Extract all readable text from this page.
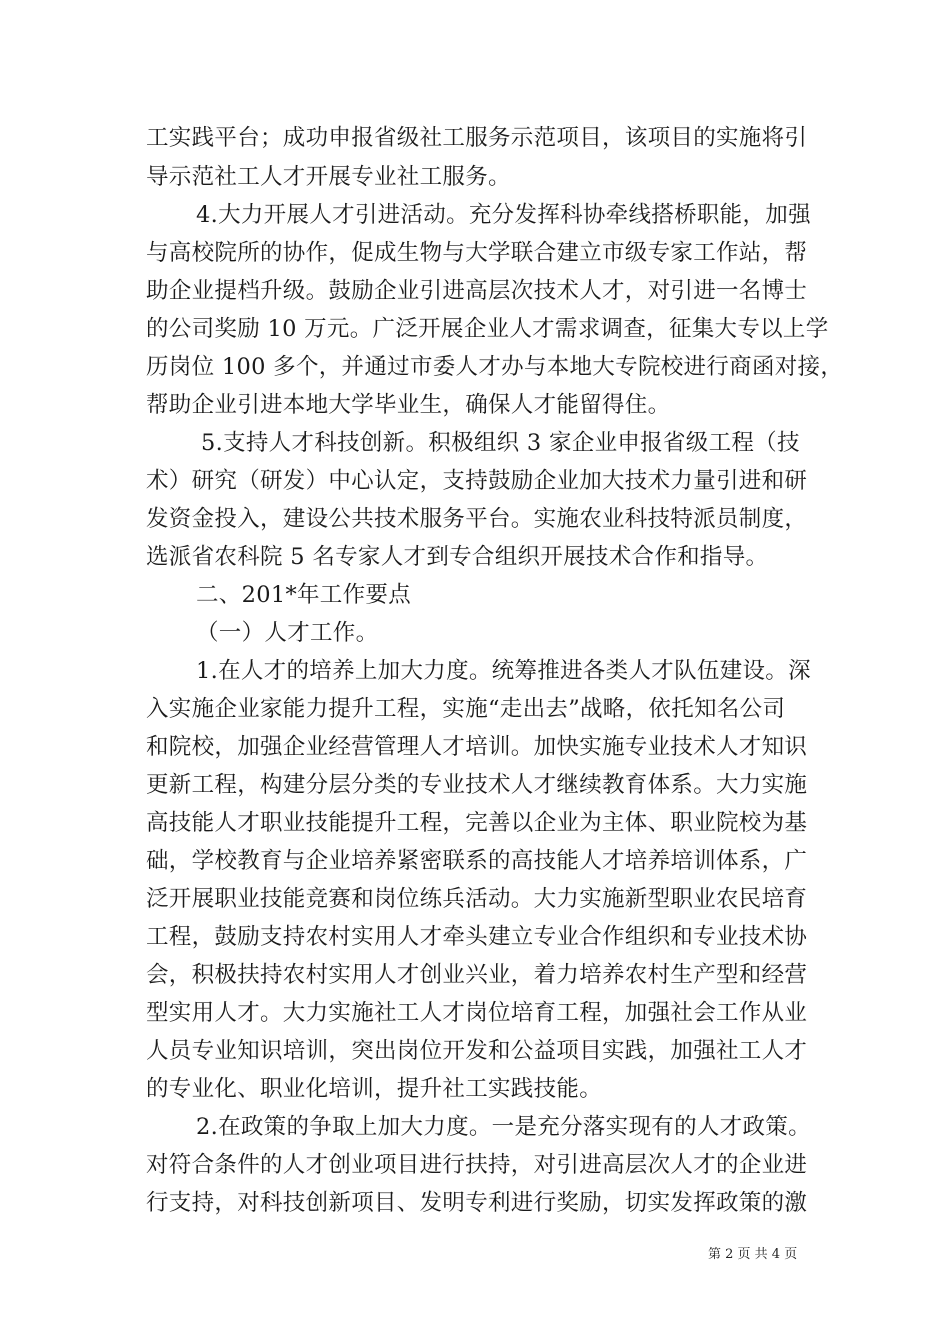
工实践平台；成功申报省级社工服务示范项目，该项目的实施将引
导示范社工人才开展专业社工服务。
4.大力开展人才引进活动。充分发挥科协牵线搭桥职能，加强
与高校院所的协作，促成生物与大学联合建立市级专家工作站，帮
助企业提档升级。鼓励企业引进高层次技术人才，对引进一名博士
的公司奖励 10 万元。广泛开展企业人才需求调查，征集大专以上学
历岗位 100 多个，并通过市委人才办与本地大专院校进行商函对接，
帮助企业引进本地大学毕业生，确保人才能留得住。
5.支持人才科技创新。积极组织 3 家企业申报省级工程（技
术）研究（研发）中心认定，支持鼓励企业加大技术力量引进和研
发资金投入，建设公共技术服务平台。实施农业科技特派员制度，
选派省农科院 5 名专家人才到专合组织开展技术合作和指导。
二、201*年工作要点
（一）人才工作。
1.在人才的培养上加大力度。统筹推进各类人才队伍建设。深
入实施企业家能力提升工程，实施“走出去”战略，依托知名公司
和院校，加强企业经营管理人才培训。加快实施专业技术人才知识
更新工程，构建分层分类的专业技术人才继续教育体系。大力实施
高技能人才职业技能提升工程，完善以企业为主体、职业院校为基
础，学校教育与企业培养紧密联系的高技能人才培养培训体系，广
泛开展职业技能竞赛和岗位练兵活动。大力实施新型职业农民培育
工程，鼓励支持农村实用人才牵头建立专业合作组织和专业技术协
会，积极扶持农村实用人才创业兴业，着力培养农村生产型和经营
型实用人才。大力实施社工人才岗位培育工程，加强社会工作从业
人员专业知识培训，突出岗位开发和公益项目实践，加强社工人才
的专业化、职业化培训，提升社工实践技能。
2.在政策的争取上加大力度。一是充分落实现有的人才政策。
对符合条件的人才创业项目进行扶持，对引进高层次人才的企业进
行支持，对科技创新项目、发明专利进行奖励，切实发挥政策的激
第 2 页 共 4 页
